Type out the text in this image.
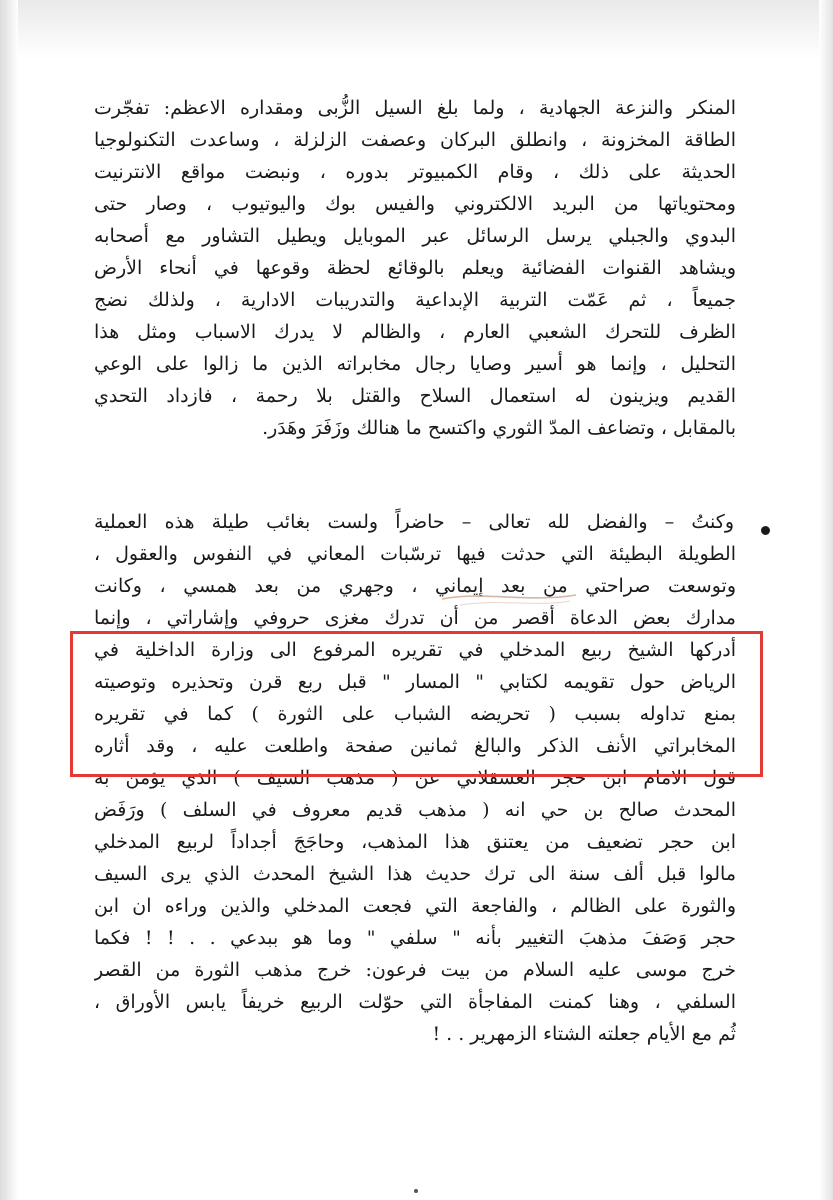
المنكر والنزعة الجهادية ، ولما بلغ السيل الزُّبى ومقداره الاعظم: تفجّرت
الطاقة المخزونة ، وانطلق البركان وعصفت الزلزلة ، وساعدت التكنولوجيا
الحديثة على ذلك ، وقام الكمبيوتر بدوره ، ونبضت مواقع الانترنيت
ومحتوياتها من البريد الالكتروني والفيس بوك واليوتيوب ، وصار حتى
البدوي والجبلي يرسل الرسائل عبر الموبايل ويطيل التشاور مع أصحابه
ويشاهد القنوات الفضائية ويعلم بالوقائع لحظة وقوعها في أنحاء الأرض
جميعاً ، ثم عَمّت التربية الإبداعية والتدريبات الادارية ، ولذلك نضج
الظرف للتحرك الشعبي العارم ، والظالم لا يدرك الاسباب ومثل هذا
التحليل ، وإنما هو أسير وصايا رجال مخابراته الذين ما زالوا على الوعي
القديم ويزينون له استعمال السلاح والقتل بلا رحمة ، فازداد التحدي
بالمقابل ، وتضاعف المدّ الثوري واكتسح ما هنالك وزَفَرَ وهَدَر.
وكنتُ – والفضل لله تعالى – حاضراً ولست بغائب طيلة هذه العملية
الطويلة البطيئة التي حدثت فيها ترسّبات المعاني في النفوس والعقول ،
وتوسعت صراحتي من بعد إيماني ، وجهري من بعد همسي ، وكانت
مدارك بعض الدعاة أقصر من أن تدرك مغزى حروفي وإشاراتي ، وإنما
أدركها الشيخ ربيع المدخلي في تقريره المرفوع الى وزارة الداخلية في
الرياض حول تقويمه لكتابي " المسار " قبل ربع قرن وتحذيره وتوصيته
بمنع تداوله بسبب ( تحريضه الشباب على الثورة ) كما في تقريره
المخابراتي الأنف الذكر والبالغ ثمانين صفحة واطلعت عليه ، وقد أثاره
قول الامام ابن حجر العسقلاني عن ( مذهب السيف ) الذي يؤمن به
المحدث صالح بن حي انه ( مذهب قديم معروف في السلف ) ورَفَض
ابن حجر تضعيف من يعتنق هذا المذهب، وحاجَجَ أجداداً لربيع المدخلي
مالوا قبل ألف سنة الى ترك حديث هذا الشيخ المحدث الذي يرى السيف
والثورة على الظالم ، والفاجعة التي فجعت المدخلي والذين وراءه ان ابن
حجر وَصَفَ مذهبَ التغيير بأنه " سلفي " وما هو ببدعي . . ! ! فكما
خرج موسى عليه السلام من بيت فرعون: خرج مذهب الثورة من القصر
السلفي ، وهنا كمنت المفاجأة التي حوّلت الربيع خريفاً يابس الأوراق ،
ثُم مع الأيام جعلته الشتاء الزمهرير . . !
